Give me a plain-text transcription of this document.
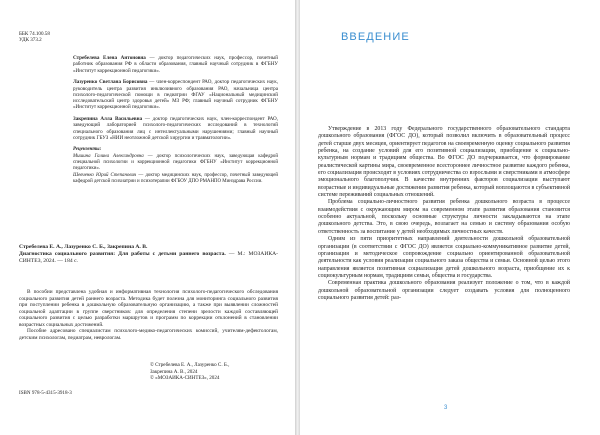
ББК 74.100.58
УДК 373.2

Стребелева Елена Антоновна — доктор педагогических наук, профессор, почетный работник образования РФ в области образования, главный научный сотрудник в ФГБНУ «Институт коррекционной педагогики».

Лазуренко Светлана Борисовна — член-корреспондент РАО, доктор педагогических наук, руководитель центра развития инклюзивного образования РАО, начальница центра психолого-педагогической помощи в педиатрии ФГАУ «Национальный медицинский исследовательский центр здоровья детей» МЗ РФ; главный научный сотрудник ФГБНУ «Институт коррекционной педагогики».

Закрепина Алла Васильевна — доктор педагогических наук, член-корреспондент РАО, заведующий лабораторией психолого-педагогических исследований в технологий специального образования лиц с интеллектуальными нарушениями; главный научный сотрудник ГБУЗ «НИИ неотложной детской хирургии и травматологии».

Рецензенты:

Мишина Галина Александровна — доктор психологических наук, заведующая кафедрой специальной психологии и коррекционной педагогики ФГБНУ «Институт коррекционной педагогики».

Шевченко Юрий Степанович — доктор медицинских наук, профессор, почетный заведующей кафедрой детской психиатрии и психотерапии ФГБОУ ДПО РМАНПО Минздрава России.

Стребелева Е. А., Лазуренко С. Б., Закрепина А. В.

Диагностика социального развития: Для работы с детьми раннего возраста. — М.: МОЗАИКА-СИНТЕЗ, 2024. — 184 с.

В пособии представлена удобная и информативная технология психолого-педагогического обследования социального развития детей раннего возраста. Методика будет полезна для мониторинга социального развития при поступлении ребенка в дошкольную образовательную организацию, а также при выявлении сложностей социальной адаптации в группе сверстников: для определения степени зрелости каждой составляющей социального развития с целью разработки маршрутов и программ по коррекции отклонений в становлении возрастных социальных достижений.

Пособие адресовано специалистам психолого-медико-педагогических комиссий, учителям-дефектологам, детским психологам, педиатрам, неврологам.

© Стребелева Е. А., Лазуренко С. Б.,
Закрепина А. В., 2024
© «МОЗАИКА-СИНТЕЗ», 2024
ISBN 978-5-4315-3918-3

Утверждение в 2013 году Федерального государственного образовательного стандарта дошкольного образования (ФГОС ДО), который позволил включить в образовательный процесс детей старше двух месяцев, ориентирует педагогов на своевременную оценку социального развития ребенка, на создание условий для его позитивной социализации, приобщение к социально-культурным нормам и традициям общества. Во ФГОС ДО подчеркивается, что формирование реалистической картины мира, своевременное всестороннее личностное развитие каждого ребенка, его социализация происходят в условиях сотрудничества со взрослыми и сверстниками в атмосфере эмоционального благополучия. В качестве внутренних факторов социализации выступают возрастные и индивидуальные достижения развития ребенка, который воплощаются в субъективной системе переживаний социальных отношений.

Проблема социально-личностного развития ребенка дошкольного возраста в процессе взаимодействия с окружающим миром на современном этапе развития образования становится особенно актуальной, поскольку основные структуры личности закладываются на этапе дошкольного детства. Это, в свою очередь, возлагает на семью и систему образования особую ответственность за воспитание у детей необходимых личностных качеств.

Одним из пяти приоритетных направлений деятельности дошкольной образовательной организации (в соответствии с ФГОС ДО) является социально-коммуникативное развитие детей, организация и методическое сопровождение социально ориентированной образовательной деятельности как условия реализации социального заказа общества и семьи. Основной целью этого направления является позитивная социализация детей дошкольного возраста, приобщение их к социокультурным нормам, традициям семьи, общества и государства.

Современная практика дошкольного образования реализует положение о том, что в каждой дошкольной образовательной организации следует создавать условия для полноценного социального развития детей: раз-

ВВЕДЕНИЕ
3
